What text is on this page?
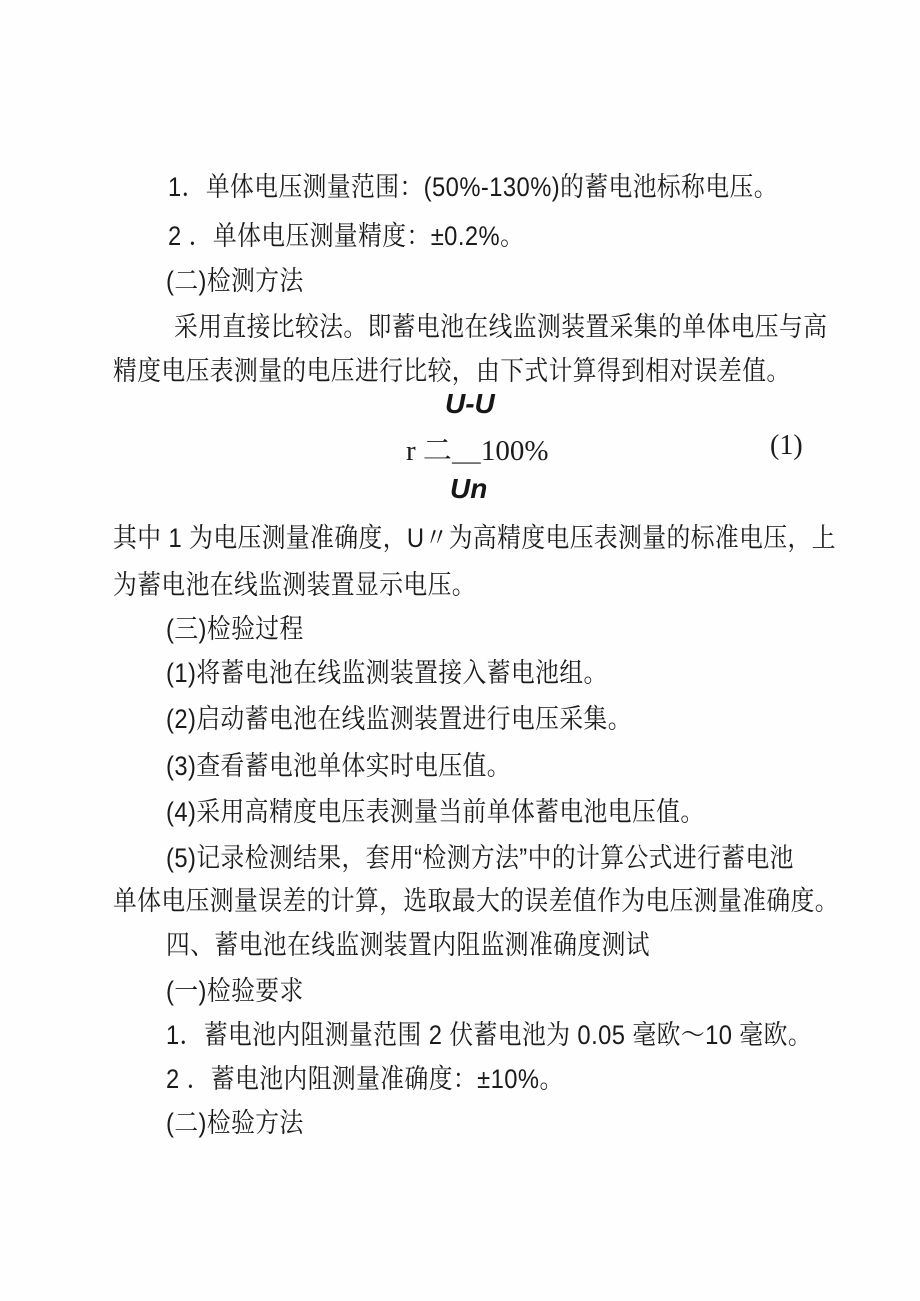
1．单体电压测量范围：(50%-130%)的蓄电池标称电压。
2 ．单体电压测量精度：±0.2%。
(二)检测方法
采用直接比较法。即蓄电池在线监测装置采集的单体电压与高
精度电压表测量的电压进行比较，由下式计算得到相对误差值。
其中 1 为电压测量准确度，U〃为高精度电压表测量的标准电压，上
为蓄电池在线监测装置显示电压。
(三)检验过程
(1)将蓄电池在线监测装置接入蓄电池组。
(2)启动蓄电池在线监测装置进行电压采集。
(3)查看蓄电池单体实时电压值。
(4)采用高精度电压表测量当前单体蓄电池电压值。
(5)记录检测结果，套用“检测方法”中的计算公式进行蓄电池
单体电压测量误差的计算，选取最大的误差值作为电压测量准确度。
四、蓄电池在线监测装置内阻监测准确度测试
(一)检验要求
1．蓄电池内阻测量范围 2 伏蓄电池为 0.05 毫欧〜10 毫欧。
2 ．蓄电池内阻测量准确度：±10%。
(二)检验方法
U-U
r 二＿100%
Un
(1)
